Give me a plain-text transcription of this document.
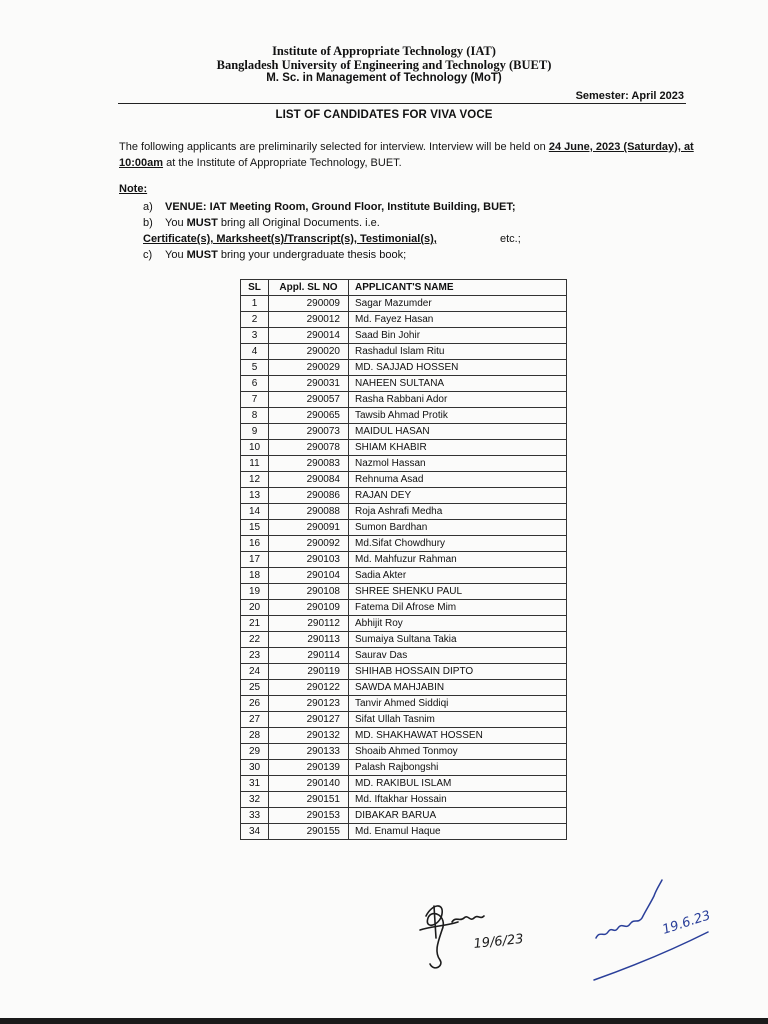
Institute of Appropriate Technology (IAT)
Bangladesh University of Engineering and Technology (BUET)
M. Sc. in Management of Technology (MoT)
Semester: April 2023
LIST OF CANDIDATES FOR VIVA VOCE
The following applicants are preliminarily selected for interview. Interview will be held on 24 June, 2023 (Saturday), at 10:00am at the Institute of Appropriate Technology, BUET.
Note:
a) VENUE: IAT Meeting Room, Ground Floor, Institute Building, BUET;
b) You MUST bring all Original Documents. i.e. Certificate(s), Marksheet(s)/Transcript(s), Testimonial(s),	etc.;
c) You MUST bring your undergraduate thesis book;
SL	Appl. SL NO	APPLICANT'S NAME
1	290009	Sagar Mazumder
2	290012	Md. Fayez Hasan
3	290014	Saad Bin Johir
4	290020	Rashadul Islam Ritu
5	290029	MD. SAJJAD HOSSEN
6	290031	NAHEEN SULTANA
7	290057	Rasha Rabbani Ador
8	290065	Tawsib Ahmad Protik
9	290073	MAIDUL HASAN
10	290078	SHIAM KHABIR
11	290083	Nazmol Hassan
12	290084	Rehnuma Asad
13	290086	RAJAN DEY
14	290088	Roja Ashrafi Medha
15	290091	Sumon Bardhan
16	290092	Md.Sifat Chowdhury
17	290103	Md. Mahfuzur Rahman
18	290104	Sadia Akter
19	290108	SHREE SHENKU PAUL
20	290109	Fatema Dil Afrose Mim
21	290112	Abhijit Roy
22	290113	Sumaiya Sultana Takia
23	290114	Saurav Das
24	290119	SHIHAB HOSSAIN DIPTO
25	290122	SAWDA MAHJABIN
26	290123	Tanvir Ahmed Siddiqi
27	290127	Sifat Ullah Tasnim
28	290132	MD. SHAKHAWAT HOSSEN
29	290133	Shoaib Ahmed Tonmoy
30	290139	Palash Rajbongshi
31	290140	MD. RAKIBUL ISLAM
32	290151	Md. Iftakhar Hossain
33	290153	DIBAKAR BARUA
34	290155	Md. Enamul Haque
19/6/23
19.6.23
